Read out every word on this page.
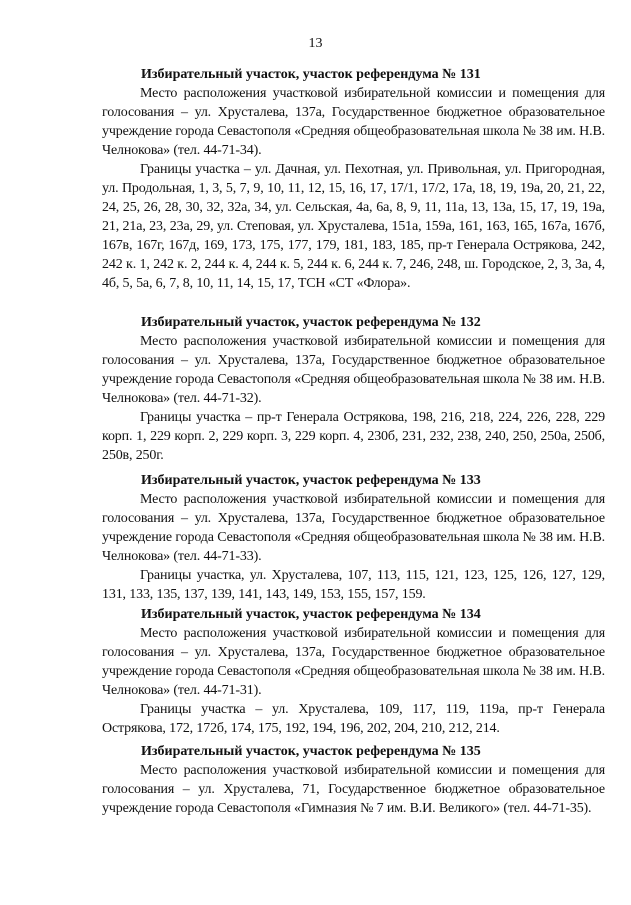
13

Избирательный участок, участок референдума № 131

Место расположения участковой избирательной комиссии и помещения для голосования – ул. Хрусталева, 137а, Государственное бюджетное образовательное учреждение города Севастополя «Средняя общеобразовательная школа № 38 им. Н.В. Челнокова» (тел. 44-71-34).

Границы участка – ул. Дачная, ул. Пехотная, ул. Привольная, ул. Пригородная, ул. Продольная, 1, 3, 5, 7, 9, 10, 11, 12, 15, 16, 17, 17/1, 17/2, 17а, 18, 19, 19а, 20, 21, 22, 24, 25, 26, 28, 30, 32, 32а, 34, ул. Сельская, 4а, 6а, 8, 9, 11, 11а, 13, 13а, 15, 17, 19, 19а, 21, 21а, 23, 23а, 29, ул. Степовая, ул. Хрусталева, 151а, 159а, 161, 163, 165, 167а, 167б, 167в, 167г, 167д, 169, 173, 175, 177, 179, 181, 183, 185, пр-т Генерала Острякова, 242, 242 к. 1, 242 к. 2, 244 к. 4, 244 к. 5, 244 к. 6, 244 к. 7, 246, 248, ш. Городское, 2, 3, 3а, 4, 4б, 5, 5а, 6, 7, 8, 10, 11, 14, 15, 17, ТСН «СТ «Флора».

Избирательный участок, участок референдума № 132

Место расположения участковой избирательной комиссии и помещения для голосования – ул. Хрусталева, 137а, Государственное бюджетное образовательное учреждение города Севастополя «Средняя общеобразовательная школа № 38 им. Н.В. Челнокова» (тел. 44-71-32).

Границы участка – пр-т Генерала Острякова, 198, 216, 218, 224, 226, 228, 229 корп. 1, 229 корп. 2, 229 корп. 3, 229 корп. 4, 230б, 231, 232, 238, 240, 250, 250а, 250б, 250в, 250г.

Избирательный участок, участок референдума № 133

Место расположения участковой избирательной комиссии и помещения для голосования – ул. Хрусталева, 137а, Государственное бюджетное образовательное учреждение города Севастополя «Средняя общеобразовательная школа № 38 им. Н.В. Челнокова» (тел. 44-71-33).

Границы участка, ул. Хрусталева, 107, 113, 115, 121, 123, 125, 126, 127, 129, 131, 133, 135, 137, 139, 141, 143, 149, 153, 155, 157, 159.

Избирательный участок, участок референдума № 134

Место расположения участковой избирательной комиссии и помещения для голосования – ул. Хрусталева, 137а, Государственное бюджетное образовательное учреждение города Севастополя «Средняя общеобразовательная школа № 38 им. Н.В. Челнокова» (тел. 44-71-31).

Границы участка – ул. Хрусталева, 109, 117, 119, 119а, пр-т Генерала Острякова, 172, 172б, 174, 175, 192, 194, 196, 202, 204, 210, 212, 214.

Избирательный участок, участок референдума № 135

Место расположения участковой избирательной комиссии и помещения для голосования – ул. Хрусталева, 71, Государственное бюджетное образовательное учреждение города Севастополя «Гимназия № 7 им. В.И. Великого» (тел. 44-71-35).
